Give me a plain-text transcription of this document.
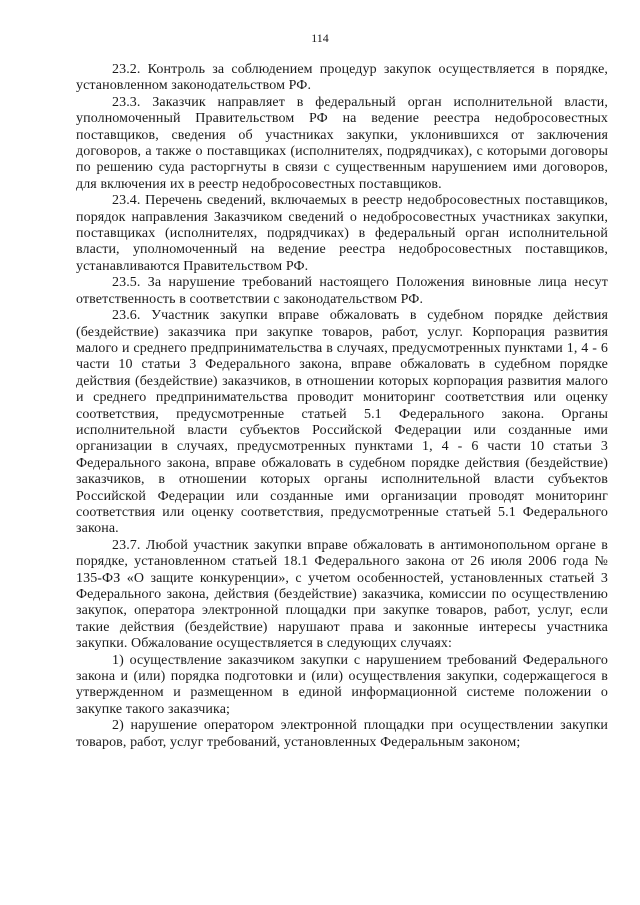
114

23.2. Контроль за соблюдением процедур закупок осуществляется в порядке, установленном законодательством РФ.

23.3. Заказчик направляет в федеральный орган исполнительной власти, уполномоченный Правительством РФ на ведение реестра недобросовестных поставщиков, сведения об участниках закупки, уклонившихся от заключения договоров, а также о поставщиках (исполнителях, подрядчиках), с которыми договоры по решению суда расторгнуты в связи с существенным нарушением ими договоров, для включения их в реестр недобросовестных поставщиков.

23.4. Перечень сведений, включаемых в реестр недобросовестных поставщиков, порядок направления Заказчиком сведений о недобросовестных участниках закупки, поставщиках (исполнителях, подрядчиках) в федеральный орган исполнительной власти, уполномоченный на ведение реестра недобросовестных поставщиков, устанавливаются Правительством РФ.

23.5. За нарушение требований настоящего Положения виновные лица несут ответственность в соответствии с законодательством РФ.

23.6. Участник закупки вправе обжаловать в судебном порядке действия (бездействие) заказчика при закупке товаров, работ, услуг. Корпорация развития малого и среднего предпринимательства в случаях, предусмотренных пунктами 1, 4 - 6 части 10 статьи 3 Федерального закона, вправе обжаловать в судебном порядке действия (бездействие) заказчиков, в отношении которых корпорация развития малого и среднего предпринимательства проводит мониторинг соответствия или оценку соответствия, предусмотренные статьей 5.1 Федерального закона. Органы исполнительной власти субъектов Российской Федерации или созданные ими организации в случаях, предусмотренных пунктами 1, 4 - 6 части 10 статьи 3 Федерального закона, вправе обжаловать в судебном порядке действия (бездействие) заказчиков, в отношении которых органы исполнительной власти субъектов Российской Федерации или созданные ими организации проводят мониторинг соответствия или оценку соответствия, предусмотренные статьей 5.1 Федерального закона.

23.7. Любой участник закупки вправе обжаловать в антимонопольном органе в порядке, установленном статьей 18.1 Федерального закона от 26 июля 2006 года № 135-ФЗ «О защите конкуренции», с учетом особенностей, установленных статьей 3 Федерального закона, действия (бездействие) заказчика, комиссии по осуществлению закупок, оператора электронной площадки при закупке товаров, работ, услуг, если такие действия (бездействие) нарушают права и законные интересы участника закупки. Обжалование осуществляется в следующих случаях:

1) осуществление заказчиком закупки с нарушением требований Федерального закона и (или) порядка подготовки и (или) осуществления закупки, содержащегося в утвержденном и размещенном в единой информационной системе положении о закупке такого заказчика;

2) нарушение оператором электронной площадки при осуществлении закупки товаров, работ, услуг требований, установленных Федеральным законом;
